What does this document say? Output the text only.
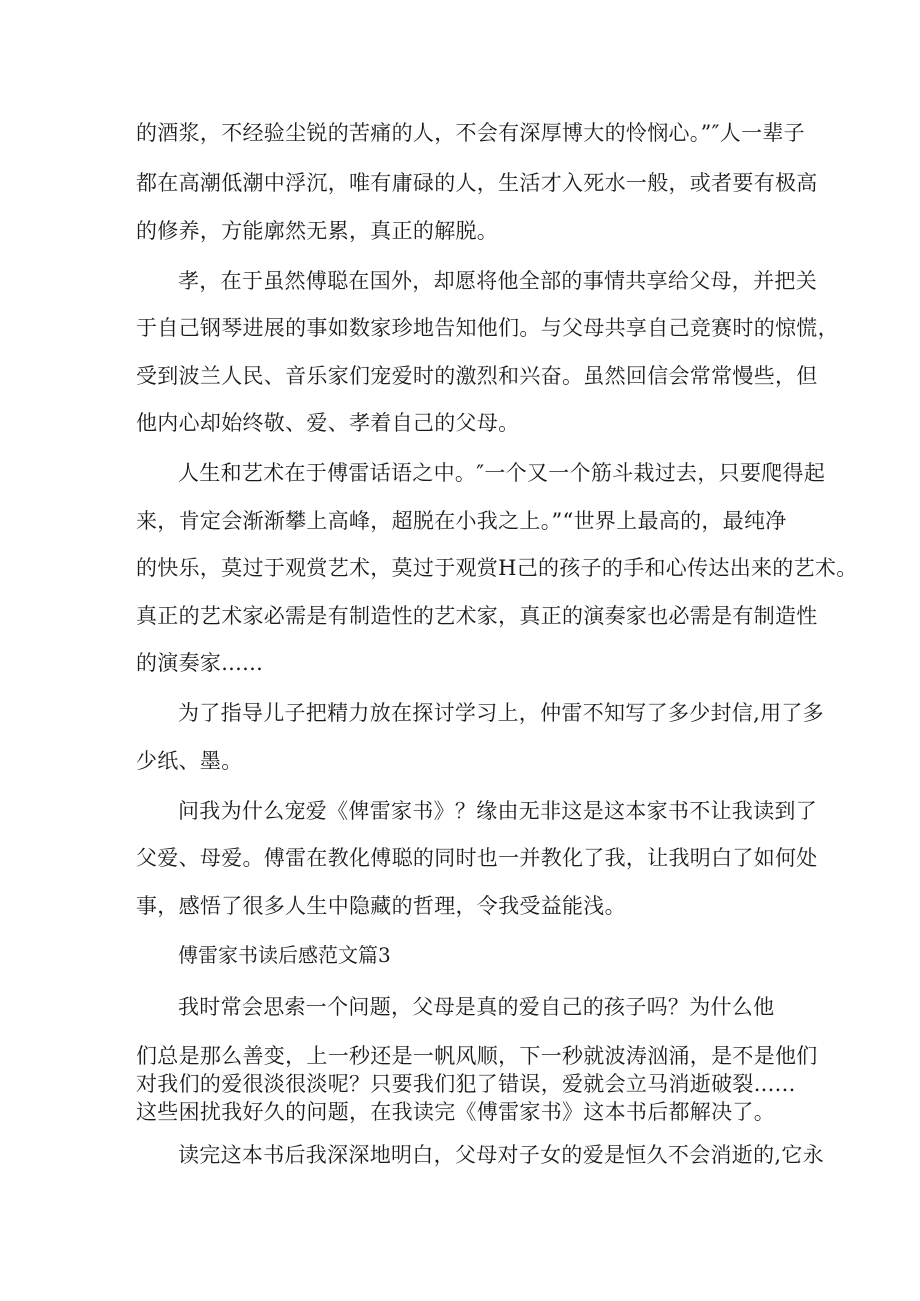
的酒浆，不经验尘锐的苦痛的人，不会有深厚博大的怜悯心。”″人一辈子
都在高潮低潮中浮沉，唯有庸碌的人，生活才入死水一般，或者要有极高
的修养，方能廓然无累，真正的解脱。
孝，在于虽然傅聪在国外，却愿将他全部的事情共享给父母，并把关
于自己钢琴进展的事如数家珍地告知他们。与父母共享自己竞赛时的惊慌，
受到波兰人民、音乐家们宠爱时的激烈和兴奋。虽然回信会常常慢些，但
他内心却始终敬、爱、孝着自己的父母。
人生和艺术在于傅雷话语之中。″一个又一个筋斗栽过去，只要爬得起
来，肯定会渐渐攀上高峰，超脱在小我之上。”“世界上最高的，最纯净
的快乐，莫过于观赏艺术，莫过于观赏H己的孩子的手和心传达出来的艺术。
真正的艺术家必需是有制造性的艺术家，真正的演奏家也必需是有制造性
的演奏家......
为了指导儿子把精力放在探讨学习上，仲雷不知写了多少封信,用了多
少纸、墨。
问我为什么宠爱《俾雷家书》？缘由无非这是这本家书不让我读到了
父爱、母爱。傅雷在教化傅聪的同时也一并教化了我，让我明白了如何处
事，感悟了很多人生中隐藏的哲理，令我受益能浅。
傅雷家书读后感范文篇3
我时常会思索一个问题，父母是真的爱自己的孩子吗？为什么他
们总是那么善变，上一秒还是一帆风顺，下一秒就波涛汹涌，是不是他们
对我们的爱很淡很淡呢？只要我们犯了错误，爱就会立马消逝破裂......
这些困扰我好久的问题，在我读完《傅雷家书》这本书后都解决了。
读完这本书后我深深地明白，父母对子女的爱是恒久不会消逝的,它永
